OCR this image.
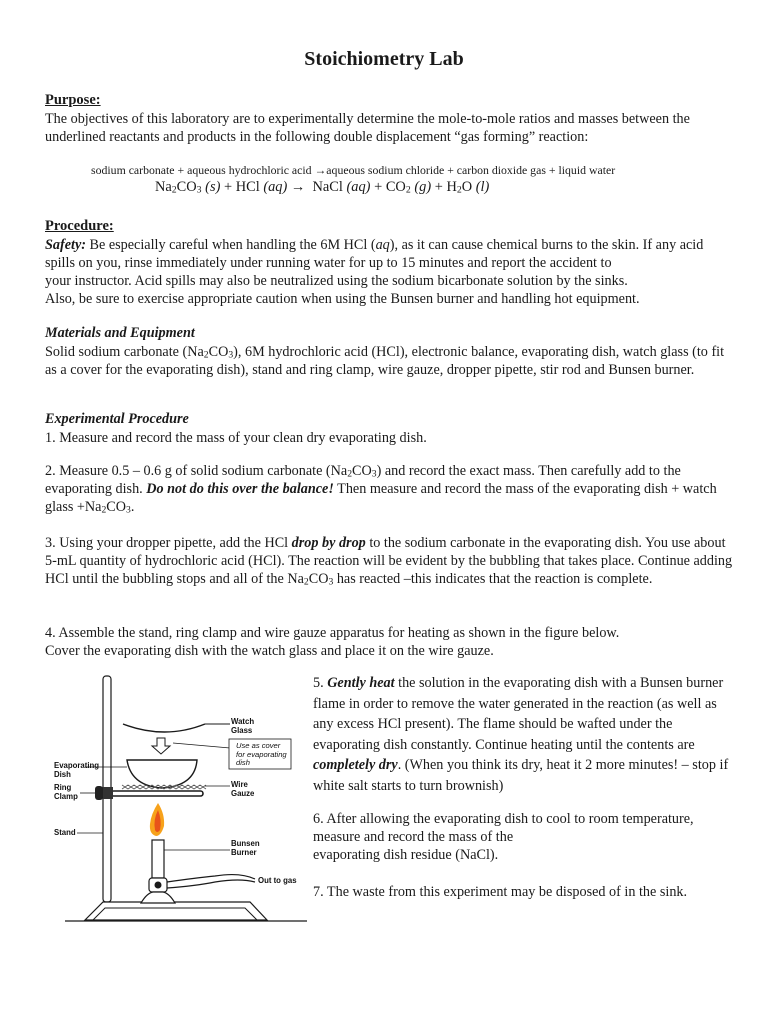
Stoichiometry Lab
Purpose:
The objectives of this laboratory are to experimentally determine the mole-to-mole ratios and masses between the underlined reactants and products in the following double displacement “gas forming” reaction:
sodium carbonate + aqueous hydrochloric acid →aqueous sodium chloride + carbon dioxide gas + liquid water
$Na_2CO_3$ (s) + HCl (aq) → NaCl $(aq) + CO_2$ $(g) + H_2O$ (l)
Procedure:
Safety: Be especially careful when handling the 6M HCl (aq), as it can cause chemical burns to the skin. If any acid spills on you, rinse immediately under running water for up to 15 minutes and report the accident to
your instructor. Acid spills may also be neutralized using the sodium bicarbonate solution by the sinks.
Also, be sure to exercise appropriate caution when using the Bunsen burner and handling hot equipment.
Materials and Equipment
Solid sodium carbonate $(Na_2CO_3)$, 6M hydrochloric acid (HCl), electronic balance, evaporating dish, watch glass (to fit as a cover for the evaporating dish), stand and ring clamp, wire gauze, dropper pipette, stir rod and Bunsen burner.
Experimental Procedure
1. Measure and record the mass of your clean dry evaporating dish.
2. Measure 0.5 – 0.6 g of solid sodium carbonate $(Na_2CO_3)$ and record the exact mass. Then carefully add to the evaporating dish. Do not do this over the balance! Then measure and record the mass of the evaporating dish + watch glass $+Na_2CO_3$.
3. Using your dropper pipette, add the HCl drop by drop to the sodium carbonate in the evaporating dish. You use about 5-mL quantity of hydrochloric acid (HCl). The reaction will be evident by the bubbling that takes place. Continue adding HCl until the bubbling stops and all of the $Na_2CO_3$ has reacted –this indicates that the reaction is complete.
4. Assemble the stand, ring clamp and wire gauze apparatus for heating as shown in the figure below.
Cover the evaporating dish with the watch glass and place it on the wire gauze.
5. Gently heat the solution in the evaporating dish with a Bunsen burner flame in order to remove the water generated in the reaction (as well as any excess HCl present). The flame should be wafted under the evaporating dish constantly. Continue heating until the contents are completely dry. (When you think its dry, heat it 2 more minutes! – stop if white salt starts to turn brownish)
6. After allowing the evaporating dish to cool to room temperature,
measure and record the mass of the
evaporating dish residue (NaCl).
7. The waste from this experiment may be disposed of in the sink.
Watch
Glass
Use as cover
for evaporating
dish
Evaporating
Dish
Ring
Clamp
Wire
Gauze
Stand
Bunsen
Burner
Out to gas
